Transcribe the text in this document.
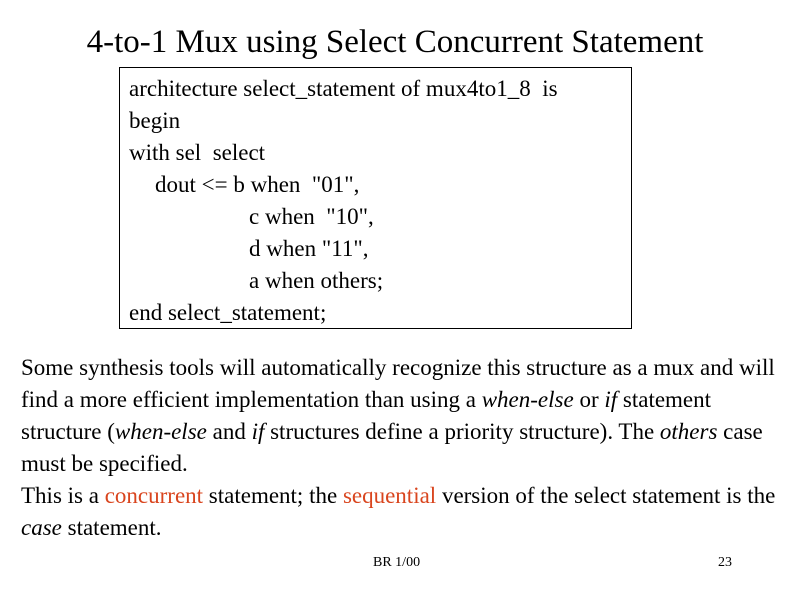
4-to-1 Mux using Select Concurrent Statement
architecture select_statement of mux4to1_8  is
begin
with sel  select
dout <= b when  "01",
c when  "10",
d when "11",
a when others;
end select_statement;
Some synthesis tools will automatically recognize this structure as a mux and will find a more efficient implementation than using a when-else or if statement structure (when-else and if structures define a priority structure). The others case must be specified.
This is a concurrent statement; the sequential version of the select statement is the case statement.
BR 1/00	23
